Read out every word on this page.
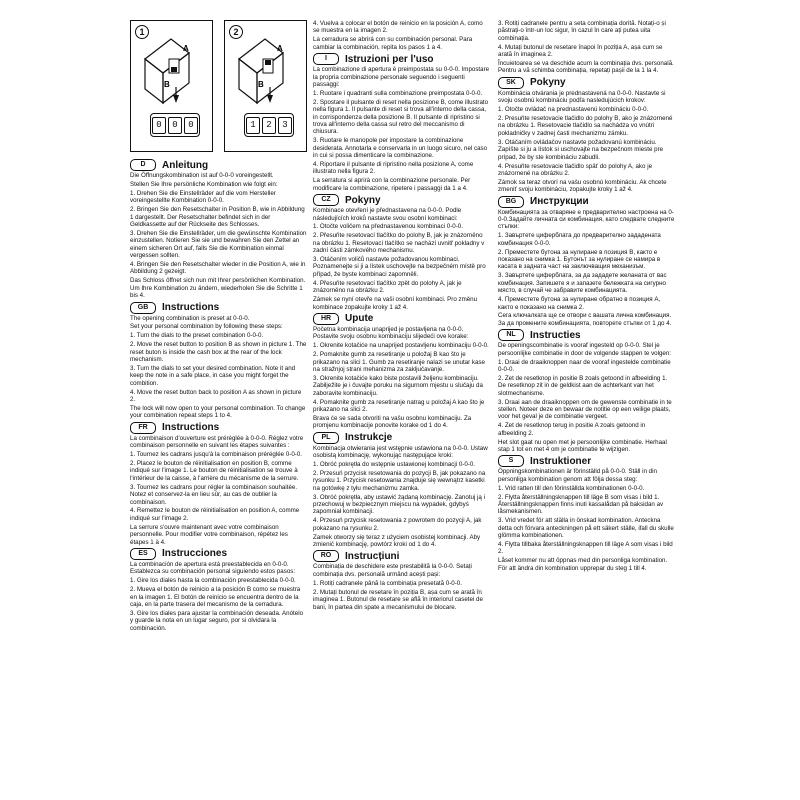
1
A
B
0	0	0
2
A
B
1	2	3
D	Anleitung
Die Öffnungskombination ist auf 0-0-0 voreingestellt.
Stellen Sie Ihre persönliche Kombination wie folgt ein:
1. Drehen Sie die Einstellräder auf die vom Hersteller voreingestellte Kombination 0-0-0.
2. Bringen Sie den Resetschalter in Position B, wie in Abbildung 1 dargestellt. Der Resetschalter befindet sich in der Geldkassette auf der Rückseite des Schlosses.
3. Drehen Sie die Einstellräder, um die gewünschte Kombination einzustellen. Notieren Sie sie und bewahren Sie den Zettel an einem sicheren Ort auf, falls Sie die Kombination einmal vergessen sollten.
4. Bringen Sie den Resetschalter wieder in die Position A, wie in Abbildung 2 gezeigt.
Das Schloss öffnet sich nun mit Ihrer persönlichen Kombination. Um Ihre Kombination zu ändern, wiederholen Sie die Schritte 1 bis 4.
GB	Instructions
The opening combination is preset at 0-0-0.
Set your personal combination by following these steps:
1. Turn the dials to the preset combination 0-0-0.
2. Move the reset button to position B as shown in picture 1. The reset buton is inside the cash box at the rear of the lock mechanism.
3. Turn the dials to set your desired combination. Note it and keep the note in a safe place, in case you might forget the combition.
4. Move the reset button back to position A as shown in picture 2.
The lock will now open to your personal combination. To change your combination repeat steps 1 to 4.
FR	Instructions
La combinaison d'ouverture est préréglée à 0-0-0. Réglez votre combinaison personnelle en suivant les étapes suivantes :
1. Tournez les cadrans jusqu'à la combinaison préréglée 0-0-0.
2. Placez le bouton de réinitialisation en position B, comme indiqué sur l'image 1. Le bouton de réinitialisation se trouve à l'intérieur de la caisse, à l'arrière du mécanisme de la serrure.
3. Tournez les cadrans pour régler la combinaison souhaitée. Notez et conservez-la en lieu sûr, au cas de oublier la combinaison.
4. Remettez le bouton de réinitialisation en position A, comme indiqué sur l'image 2.
La serrure s'ouvre maintenant avec votre combinaison personnelle. Pour modifier votre combinaison, répétez les étapes 1 à 4.
ES	Instrucciones
La combinación de apertura está preestablecida en 0-0-0. Establezca su combinación personal siguiendo estos pasos:
1. Gire los diales hasta la combinación preestablecida 0-0-0.
2. Mueva el botón de reinicio a la posición B como se muestra en la imagen 1. El botón de reinicio se encuentra dentro de la caja, en la parte trasera del mecanismo de la cerradura.
3. Gire los diales para ajustar la combinación deseada. Anótelo y guarde la nota en un lugar seguro, por si olvidara la combinación.
4. Vuelva a colocar el botón de reinicio en la posición A, como se muestra en la imagen 2.
La cerradura se abrirá con su combinación personal. Para cambiar la combinación, repita los pasos 1 a 4.
I	Istruzioni per l'uso
La combinazione di apertura è preimpostata su 0-0-0. Impostare la propria combinazione personale seguendo i seguenti passaggi:
1. Ruotare i quadranti sulla combinazione preimpostata 0-0-0.
2. Spostare il pulsante di reset nella posizione B, come illustrato nella figura 1. Il pulsante di reset si trova all'interno della cassa, in corrispondenza della posizione B. Il pulsante di ripristino si trova all'interno della cassa sul retro del meccanismo di chiusura.
3. Ruotare le manopole per impostare la combinazione desiderata. Annotarla e conservarla in un luogo sicuro, nel caso in cui si possa dimenticare la combinazione.
4. Riportare il pulsante di ripristino nella posizione A, come illustrato nella figura 2.
La serratura si aprirà con la combinazione personale. Per modificare la combinazione, ripetere i passaggi da 1 a 4.
CZ	Pokyny
Kombinace otevření je přednastavena na 0-0-0. Podle následujících kroků nastavte svou osobní kombinaci:
1. Otočte voličem na přednastavenou kombinaci 0-0-0.
2. Přesuňte resetovací tlačítko do polohy B, jak je znázorněno na obrázku 1. Resetovací tlačítko se nachází uvnitř pokladny v zadní části zámkového mechanismu.
3. Otáčením voličů nastavte požadovanou kombinaci. Poznamenejte si ji a lístek uschovejte na bezpečném místě pro případ, že byste kombinaci zapomněli.
4. Přesuňte resetovací tlačítko zpět do polohy A, jak je znázorněno na obrázku 2.
Zámek se nyní otevře na vaši osobní kombinaci. Pro změnu kombinace zopakujte kroky 1 až 4.
HR	Upute
Početna kombinacija unaprijed je postavljena na 0-0-0. Postavite svoju osobnu kombinaciju slijedeći ove korake:
1. Okrenite kotačiće na unaprijed postavljenu kombinaciju 0-0-0.
2. Pomaknite gumb za resetiranje u položaj B kao što je prikazano na slici 1. Gumb za resetiranje nalazi se unutar kase na stražnjoj strani mehanizma za zaključavanje.
3. Okrenite kotačiće kako biste postavili željenu kombinaciju. Zabilježite je i čuvajte poruku na sigurnom mjestu u slučaju da zaboravite kombinaciju.
4. Pomaknite gumb za resetiranje natrag u položaj A kao što je prikazano na slici 2.
Brava će se sada otvoriti na vašu osobnu kombinaciju. Za promjenu kombinacije ponovite korake od 1 do 4.
PL	Instrukcje
Kombinacja otwierania jest wstępnie ustawiona na 0-0-0. Ustaw osobistą kombinację, wykonując następujące kroki:
1. Obróć pokrętła do wstępnie ustawionej kombinacji 0-0-0.
2. Przesuń przycisk resetowania do pozycji B, jak pokazano na rysunku 1. Przycisk resetowania znajduje się wewnątrz kasetki na gotówkę z tyłu mechanizmu zamka.
3. Obróć pokrętła, aby ustawić żądaną kombinację. Zanotuj ją i przechowuj w bezpiecznym miejscu na wypadek, gdybyś zapomniał kombinacji.
4. Przesuń przycisk resetowania z powrotem do pozycji A, jak pokazano na rysunku 2.
Zamek otworzy się teraz z użyciem osobistej kombinacji. Aby zmienić kombinację, powtórz kroki od 1 do 4.
RO	Instrucțiuni
Combinația de deschidere este prestabilită la 0-0-0. Setați combinația dvs. personală urmând acești pași:
1. Rotiți cadranele până la combinația presetată 0-0-0.
2. Mutați butonul de resetare în poziția B, așa cum se arată în imaginea 1. Butonul de resetare se află în interiorul casetei de bani, în partea din spate a mecanismului de blocare.
3. Rotiți cadranele pentru a seta combinația dorită. Notați-o și păstrați-o într-un loc sigur, în cazul în care ați putea uita combinația.
4. Mutați butonul de resetare înapoi în poziția A, așa cum se arată în imaginea 2.
Încuietoarea se va deschide acum la combinația dvs. personală. Pentru a vă schimba combinația, repetați pașii de la 1 la 4.
SK	Pokyny
Kombinácia otvárania je prednastavená na 0-0-0. Nastavte si svoju osobnú kombináciu podľa nasledujúcich krokov:
1. Otočte ovládač na prednastavenú kombináciu 0-0-0.
2. Presuňte resetovacie tlačidlo do polohy B, ako je znázornené na obrázku 1. Resetovacie tlačidlo sa nachádza vo vnútri pokladničky v zadnej časti mechanizmu zámku.
3. Otáčaním ovládačov nastavte požadovanú kombináciu. Zapíšte si ju a lístok si uschovajte na bezpečnom mieste pre prípad, že by ste kombináciu zabudli.
4. Presuňte resetovacie tlačidlo späť do polohy A, ako je znázornené na obrázku 2.
Zámok sa teraz otvorí na vašu osobnú kombináciu. Ak chcete zmeniť svoju kombináciu, zopakujte kroky 1 až 4.
BG	Инструкции
Комбинацията за отваряне е предварително настроена на 0-0-0.Задайте личната си комбинация, като следвате следните стъпки:
1. Завъртете циферблата до предварително зададената комбинация 0-0-0.
2. Преместете бутона за нулиране в позиция B, както е показано на снимка 1. Бутонът за нулиране се намира в касата в задната част на заключващия механизъм.
3. Завъртете циферблата, за да зададете желаната от вас комбинация. Запишете я и запазете бележката на сигурно място, в случай че забравите комбинацията.
4. Преместете бутона за нулиране обратно в позиция A, както е показано на снимка 2.
Сега ключалката ще се отвори с вашата лична комбинация. За да промените комбинацията, повторете стъпки от 1 до 4.
NL	Instructies
De openingscombinatie is vooraf ingesteld op 0-0-0. Stel je persoonlijke combinatie in door de volgende stappen te volgen:
1. Draai de draaiknoppen naar de vooraf ingestelde combinatie 0-0-0.
2. Zet de resetknop in positie B zoals getoond in afbeelding 1. De resetknop zit in de geldkist aan de achterkant van het slotmechanisme.
3. Draai aan de draaiknoppen om de gewenste combinatie in te stellen. Noteer deze en bewaar de notitie op een veilige plaats, voor het geval je de combinatie vergeet.
4. Zet de resetknop terug in positie A zoals getoond in afbeelding 2.
Het slot gaat nu open met je persoonlijke combinatie. Herhaal stap 1 tot en met 4 om je combinatie te wijzigen.
S	Instruktioner
Öppningskombinationen är förinställd på 0-0-0. Ställ in din personliga kombination genom att följa dessa steg:
1. Vrid ratten till den förinställda kombinationen 0-0-0.
2. Flytta återställningsknappen till läge B som visas i bild 1. Återställningsknappen finns inuti kassalådan på baksidan av låsmekanismen.
3. Vrid vredet för att ställa in önskad kombination. Anteckna detta och förvara anteckningen på ett säkert ställe, ifall du skulle glömma kombinationen.
4. Flytta tillbaka återställningsknappen till läge A som visas i bild 2.
Låset kommer nu att öppnas med din personliga kombination. För att ändra din kombination upprepar du steg 1 till 4.
